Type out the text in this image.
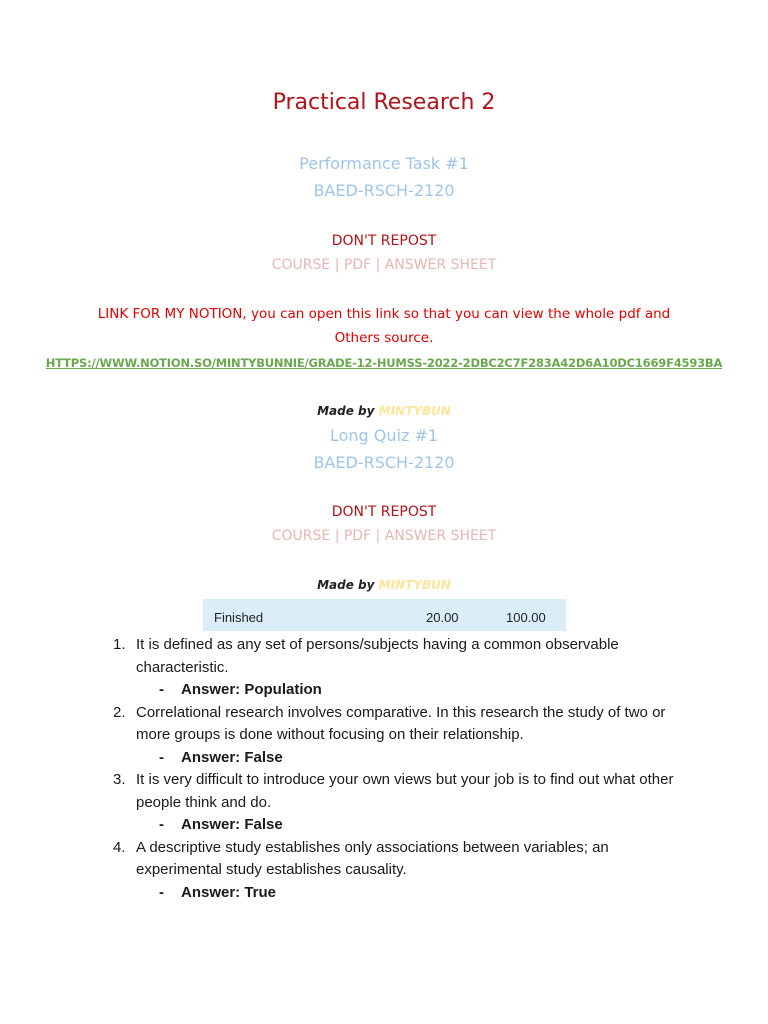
Practical Research 2
Performance Task #1
BAED-RSCH-2120
DON'T REPOST
COURSE | PDF | ANSWER SHEET
LINK FOR MY NOTION, you can open this link so that you can view the whole pdf and
Others source.
HTTPS://WWW.NOTION.SO/MINTYBUNNIE/GRADE-12-HUMSS-2022-2DBC2C7F283A42D6A10DC1669F4593BA
Made by MINTYBUN
Long Quiz #1
BAED-RSCH-2120
DON'T REPOST
COURSE | PDF | ANSWER SHEET
Made by MINTYBUN
Finished	20.00	100.00
1. It is defined as any set of persons/subjects having a common observable characteristic.
- Answer: Population
2. Correlational research involves comparative. In this research the study of two or more groups is done without focusing on their relationship.
- Answer: False
3. It is very difficult to introduce your own views but your job is to find out what other people think and do.
- Answer: False
4. A descriptive study establishes only associations between variables; an experimental study establishes causality.
- Answer: True
